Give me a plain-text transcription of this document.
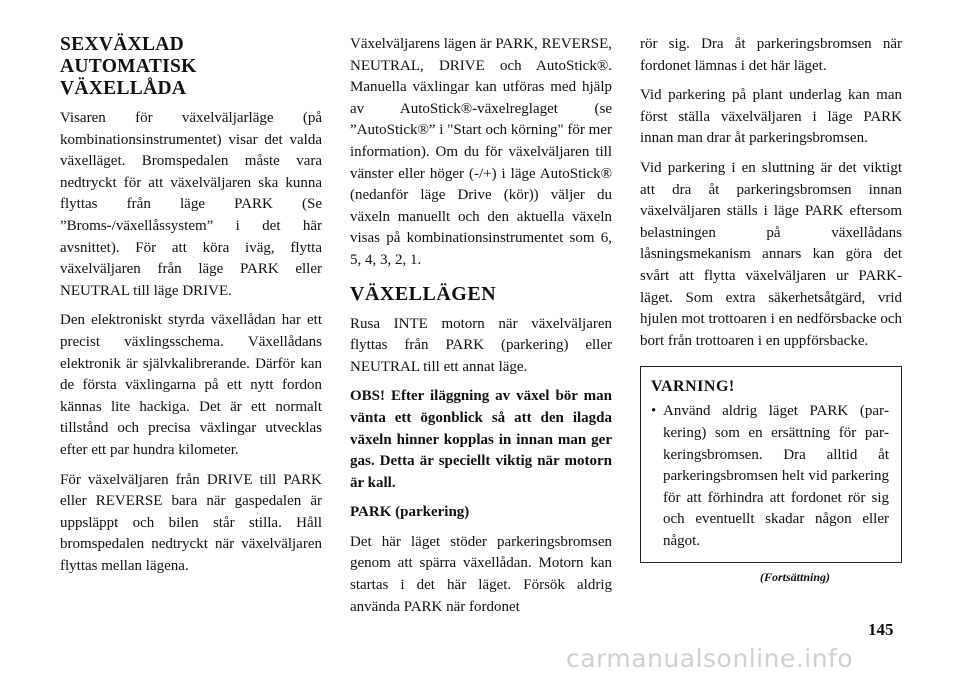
SEXVÄXLAD
AUTOMATISK
VÄXELLÅDA

Visaren för växelväljarläge (på kombinationsinstrumentet) visar det valda växelläget. Bromspedalen måste vara nedtryckt för att växelväljaren ska kunna flyttas från läge PARK (Se ”Broms-/växellåssystem” i det här avsnittet). För att köra iväg, flytta växelväljaren från läge PARK eller NEUTRAL till läge DRIVE.

Den elektroniskt styrda växellådan har ett precist växlingsschema. Växellådans elektronik är självkalibrerande. Därför kan de första växlingarna på ett nytt fordon kännas lite hackiga. Det är ett normalt tillstånd och precisa växlingar utvecklas efter ett par hundra kilometer.

För växelväljaren från DRIVE till PARK eller REVERSE bara när gaspedalen är uppsläppt och bilen står stilla. Håll bromspedalen nedtryckt när växelväljaren flyttas mellan lägena.

Växelväljarens lägen är PARK, REVERSE, NEUTRAL, DRIVE och AutoStick®. Manuella växlingar kan utföras med hjälp av AutoStick®-växelreglaget (se ”AutoStick®” i "Start och körning" för mer information). Om du för växelväljaren till vänster eller höger (-/+) i läge AutoStick® (nedanför läge Drive (kör)) väljer du växeln manuellt och den aktuella växeln visas på kombinationsinstrumentet som 6, 5, 4, 3, 2, 1.

VÄXELLÄGEN

Rusa INTE motorn när växelväljaren flyttas från PARK (parkering) eller NEUTRAL till ett annat läge.

OBS! Efter iläggning av växel bör man vänta ett ögonblick så att den ilagda växeln hinner kopplas in innan man ger gas. Detta är speciellt viktig när motorn är kall.

PARK (parkering)

Det här läget stöder parkeringsbromsen genom att spärra växellådan. Motorn kan startas i det här läget. Försök aldrig använda PARK när fordonet

rör sig. Dra åt parkeringsbromsen när fordonet lämnas i det här läget.

Vid parkering på plant underlag kan man först ställa växelväljaren i läge PARK innan man drar åt parkeringsbromsen.

Vid parkering i en sluttning är det viktigt att dra åt parkeringsbromsen innan växelväljaren ställs i läge PARK eftersom belastningen på växellådans låsningsmekanism annars kan göra det svårt att flytta växelväljaren ur PARK-läget. Som extra säkerhetsåtgärd, vrid hjulen mot trottoaren i en nedförsbacke och bort från trottoaren i en uppförsbacke.

VARNING!
• Använd aldrig läget PARK (parkering) som en ersättning för parkeringsbromsen. Dra alltid åt parkeringsbromsen helt vid parkering för att förhindra att fordonet rör sig och eventuellt skadar någon eller något.
(Fortsättning)
145
carmanualsonline.info
